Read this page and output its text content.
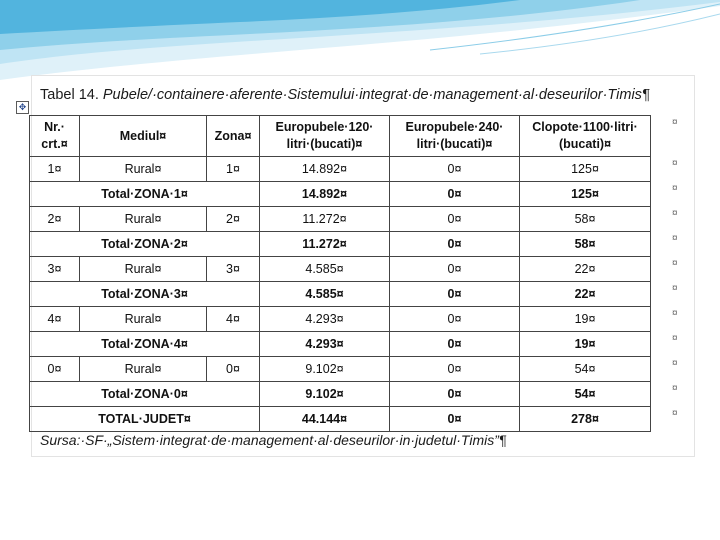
✥
Tabel 14. Pubele/·containere·aferente·Sistemului·integrat·de·management·al·deseurilor·Timis¶
Nr.·
crt.¤	Mediul¤	Zona¤	Europubele·120·
litri·(bucati)¤	Europubele·240·
litri·(bucati)¤	Clopote·1100·litri·
(bucati)¤
1¤	Rural¤	1¤	14.892¤	0¤	125¤
Total·ZONA·1¤			14.892¤	0¤	125¤
2¤	Rural¤	2¤	11.272¤	0¤	58¤
Total·ZONA·2¤			11.272¤	0¤	58¤
3¤	Rural¤	3¤	4.585¤	0¤	22¤
Total·ZONA·3¤			4.585¤	0¤	22¤
4¤	Rural¤	4¤	4.293¤	0¤	19¤
Total·ZONA·4¤			4.293¤	0¤	19¤
0¤	Rural¤	0¤	9.102¤	0¤	54¤
Total·ZONA·0¤			9.102¤	0¤	54¤
TOTAL·JUDET¤			44.144¤	0¤	278¤
¤
¤
¤
¤
¤
¤
¤
¤
¤
¤
¤
¤
Sursa:·SF·„Sistem·integrat·de·management·al·deseurilor·in·judetul·Timis”¶
